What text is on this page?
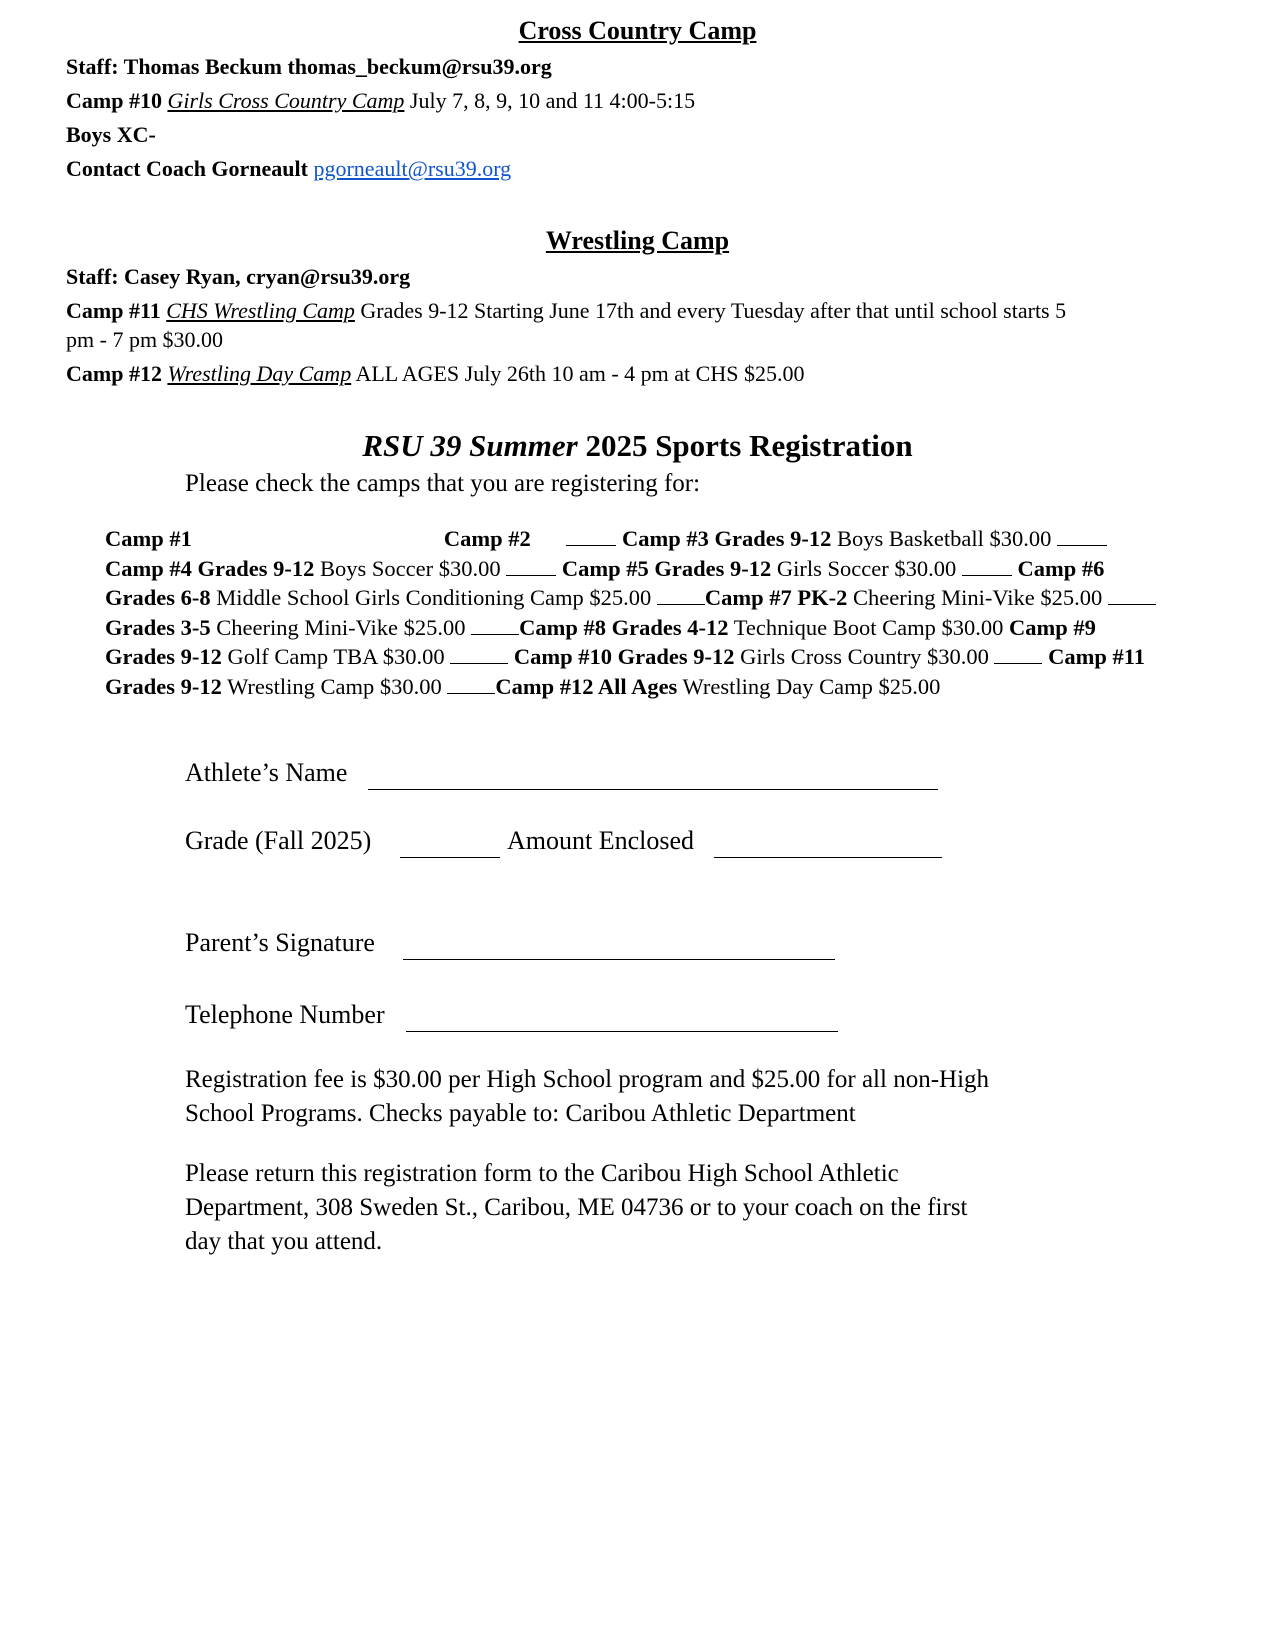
Cross Country Camp
Staff: Thomas Beckum thomas_beckum@rsu39.org
Camp #10 Girls Cross Country Camp July 7, 8, 9, 10 and 11 4:00-5:15
Boys XC-
Contact Coach Gorneault pgorneault@rsu39.org
Wrestling Camp
Staff: Casey Ryan, cryan@rsu39.org
Camp #11 CHS Wrestling Camp Grades 9-12 Starting June 17th and every Tuesday after that until school starts 5
pm - 7 pm $30.00
Camp #12 Wrestling Day Camp ALL AGES July 26th 10 am - 4 pm at CHS $25.00
RSU 39 Summer 2025 Sports Registration
Please check the camps that you are registering for:
Camp #1	Camp #2	Camp #3 Grades 9-12 Boys Basketball $30.00  Camp #4 Grades 9-12 Boys Soccer $30.00	Camp #5 Grades 9-12 Girls Soccer $30.00	Camp #6 Grades 6-8 Middle School Girls Conditioning Camp $25.00 Camp #7 PK-2 Cheering Mini-Vike $25.00 Grades 3-5 Cheering Mini-Vike $25.00 Camp #8 Grades 4-12 Technique Boot Camp $30.00 Camp #9 Grades 9-12 Golf Camp TBA $30.00	Camp #10 Grades 9-12 Girls Cross Country $30.00	Camp #11 Grades 9-12 Wrestling Camp $30.00 Camp #12 All Ages Wrestling Day Camp $25.00
Athlete’s Name
Grade (Fall 2025)	Amount Enclosed
Parent’s Signature
Telephone Number
Registration fee is $30.00 per High School program and $25.00 for all non-High
School Programs. Checks payable to: Caribou Athletic Department
Please return this registration form to the Caribou High School Athletic
Department, 308 Sweden St., Caribou, ME 04736 or to your coach on the first
day that you attend.
